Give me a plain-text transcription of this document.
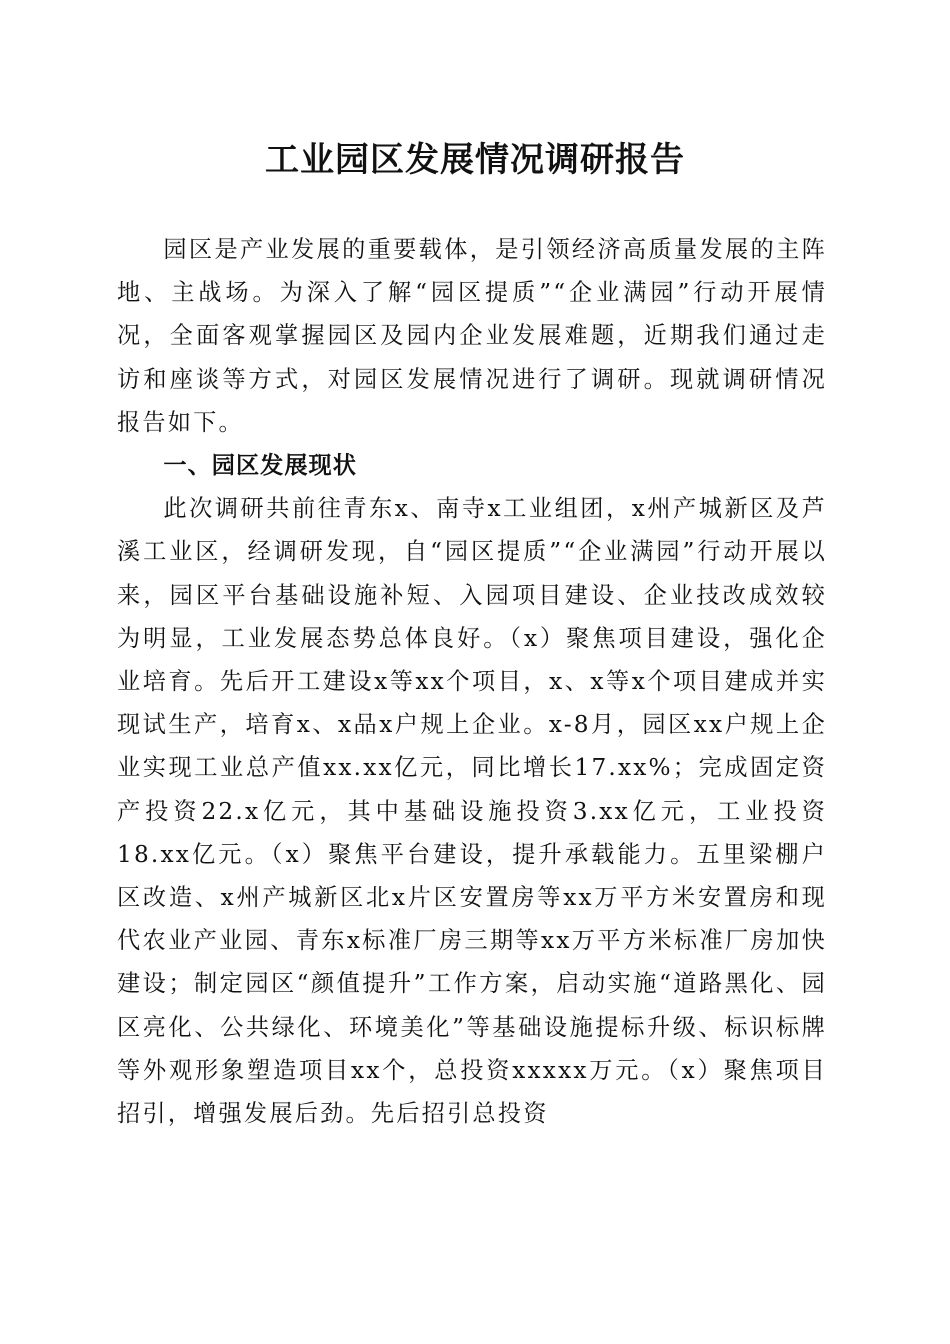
工业园区发展情况调研报告

园区是产业发展的重要载体，是引领经济高质量发展的主阵地、主战场。为深入了解“园区提质”“企业满园”行动开展情况，全面客观掌握园区及园内企业发展难题，近期我们通过走访和座谈等方式，对园区发展情况进行了调研。现就调研情况报告如下。

一、园区发展现状

此次调研共前往青东x、南寺x工业组团，x州产城新区及芦溪工业区，经调研发现，自“园区提质”“企业满园”行动开展以来，园区平台基础设施补短、入园项目建设、企业技改成效较为明显，工业发展态势总体良好。（x）聚焦项目建设，强化企业培育。先后开工建设x等xx个项目，x、x等x个项目建成并实现试生产，培育x、x品x户规上企业。x-8月，园区xx户规上企业实现工业总产值xx.xx亿元，同比增长17.xx%；完成固定资产投资22.x亿元，其中基础设施投资3.xx亿元，工业投资18.xx亿元。（x）聚焦平台建设，提升承载能力。五里梁棚户区改造、x州产城新区北x片区安置房等xx万平方米安置房和现代农业产业园、青东x标准厂房三期等xx万平方米标准厂房加快建设；制定园区“颜值提升”工作方案，启动实施“道路黑化、园区亮化、公共绿化、环境美化”等基础设施提标升级、标识标牌等外观形象塑造项目xx个，总投资xxxxx万元。（x）聚焦项目招引，增强发展后劲。先后招引总投资
